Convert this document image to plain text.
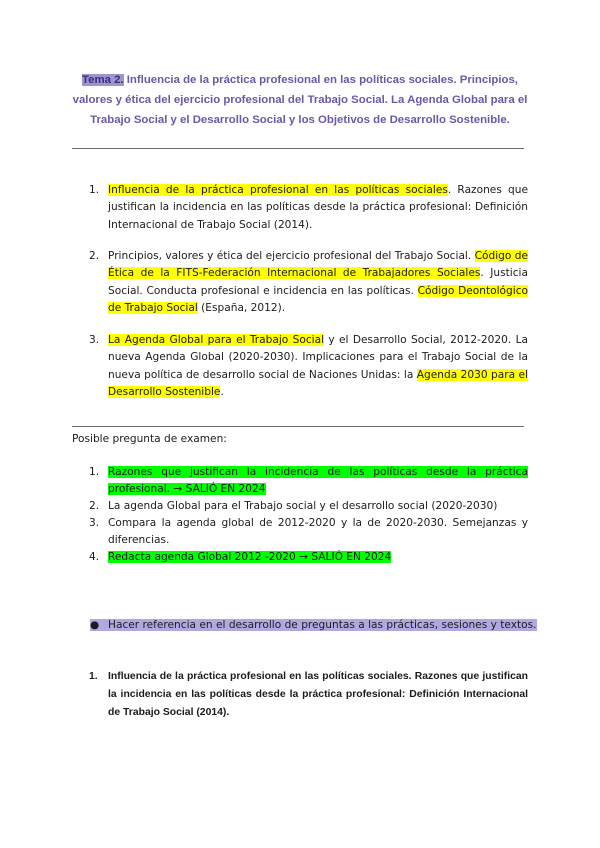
Tema 2. Influencia de la práctica profesional en las políticas sociales. Principios, valores y ética del ejercicio profesional del Trabajo Social. La Agenda Global para el Trabajo Social y el Desarrollo Social y los Objetivos de Desarrollo Sostenible.
1. Influencia de la práctica profesional en las políticas sociales. Razones que justifican la incidencia en las políticas desde la práctica profesional: Definición Internacional de Trabajo Social (2014).
2. Principios, valores y ética del ejercicio profesional del Trabajo Social. Código de Ética de la FITS-Federación Internacional de Trabajadores Sociales. Justicia Social. Conducta profesional e incidencia en las políticas. Código Deontológico de Trabajo Social (España, 2012).
3. La Agenda Global para el Trabajo Social y el Desarrollo Social, 2012-2020. La nueva Agenda Global (2020-2030). Implicaciones para el Trabajo Social de la nueva política de desarrollo social de Naciones Unidas: la Agenda 2030 para el Desarrollo Sostenible.
Posible pregunta de examen:
1. Razones que justifican la incidencia de las políticas desde la práctica profesional. → SALIÓ EN 2024
2. La agenda Global para el Trabajo social y el desarrollo social (2020-2030)
3. Compara la agenda global de 2012-2020 y la de 2020-2030. Semejanzas y diferencias.
4. Redacta agenda Global 2012 -2020 → SALIÓ EN 2024
● Hacer referencia en el desarrollo de preguntas a las prácticas, sesiones y textos.
1. Influencia de la práctica profesional en las políticas sociales. Razones que justifican la incidencia en las políticas desde la práctica profesional: Definición Internacional de Trabajo Social (2014).
